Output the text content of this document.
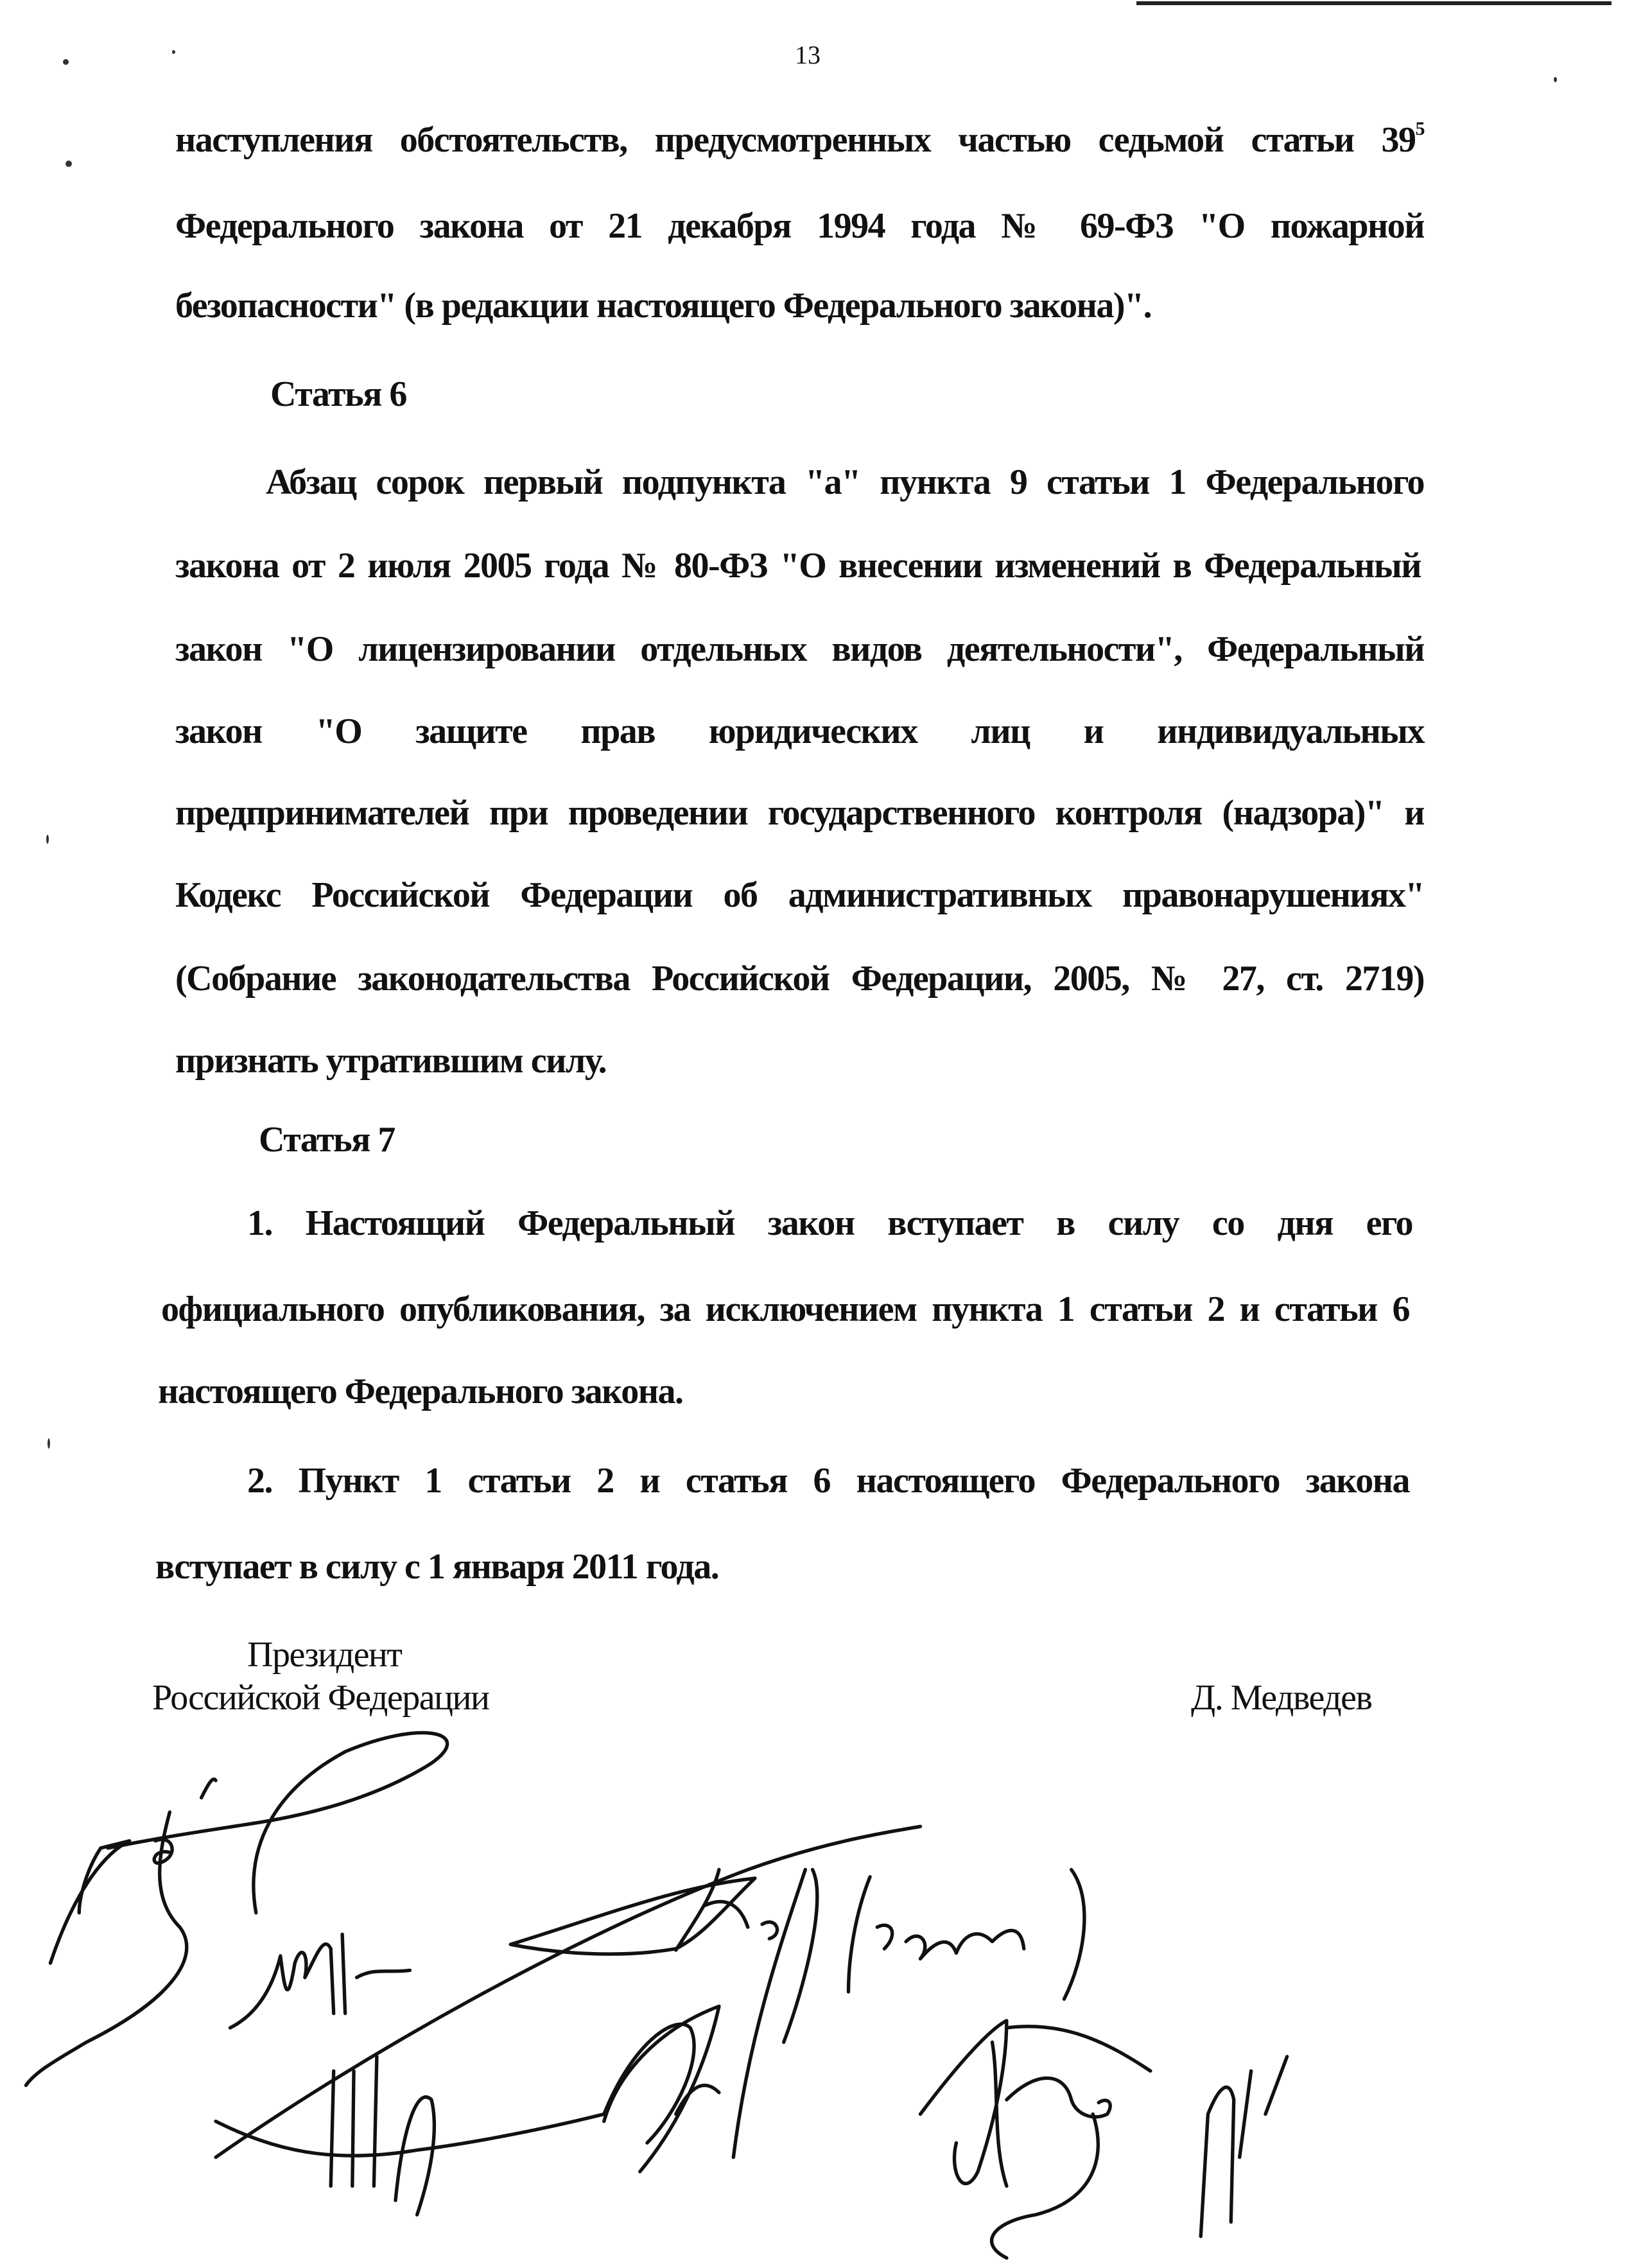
13
наступления обстоятельств, предусмотренных частью седьмой статьи $39^5$
Федерального закона от 21 декабря 1994 года № 69-ФЗ "О пожарной
безопасности" (в редакции настоящего Федерального закона)".
Статья 6
Абзац сорок первый подпункта "а" пункта 9 статьи 1 Федерального
закона от 2 июля 2005 года № 80-ФЗ "О внесении изменений в Федеральный
закон "О лицензировании отдельных видов деятельности", Федеральный
закон "О защите прав юридических лиц и индивидуальных
предпринимателей при проведении государственного контроля (надзора)" и
Кодекс Российской Федерации об административных правонарушениях"
(Собрание законодательства Российской Федерации, 2005, № 27, ст. 2719)
признать утратившим силу.
Статья 7
1. Настоящий Федеральный закон вступает в силу со дня его
официального опубликования, за исключением пункта 1 статьи 2 и статьи 6
настоящего Федерального закона.
2. Пункт 1 статьи 2 и статья 6 настоящего Федерального закона
вступает в силу с 1 января 2011 года.
Президент
Российской Федерации	Д. Медведев
